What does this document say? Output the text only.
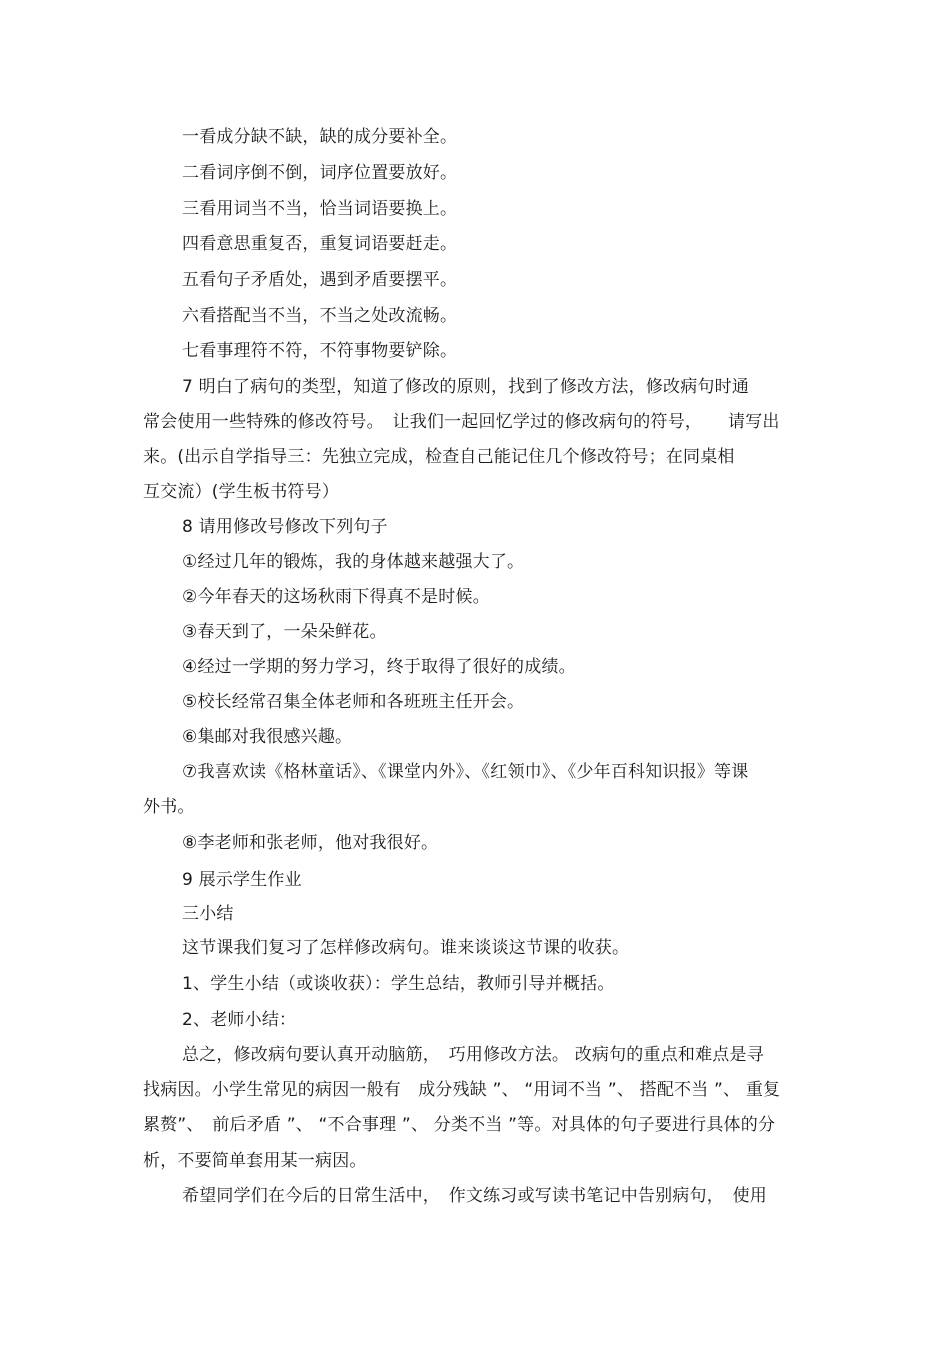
一看成分缺不缺，缺的成分要补全。
二看词序倒不倒，词序位置要放好。
三看用词当不当，恰当词语要换上。
四看意思重复否，重复词语要赶走。
五看句子矛盾处，遇到矛盾要摆平。
六看搭配当不当，不当之处改流畅。
七看事理符不符，不符事物要铲除。
7 明白了病句的类型，知道了修改的原则，找到了修改方法，修改病句时通
常会使用一些特殊的修改符号。　让我们一起回忆学过的修改病句的符号，　　请写出
来。(出示自学指导三：先独立完成，检查自己能记住几个修改符号；在同桌相
互交流）(学生板书符号）
8 请用修改号修改下列句子
①经过几年的锻炼，我的身体越来越强大了。
②今年春天的这场秋雨下得真不是时候。
③春天到了，一朵朵鲜花。
④经过一学期的努力学习，终于取得了很好的成绩。
⑤校长经常召集全体老师和各班班主任开会。
⑥集邮对我很感兴趣。
⑦我喜欢读《格林童话》、《课堂内外》、《红领巾》、《少年百科知识报》等课
外书。
⑧李老师和张老师，他对我很好。
9 展示学生作业
三小结
这节课我们复习了怎样修改病句。谁来谈谈这节课的收获。
1、学生小结（或谈收获）：学生总结，教师引导并概括。
2、老师小结：
总之，修改病句要认真开动脑筋，　巧用修改方法。 改病句的重点和难点是寻
找病因。小学生常见的病因一般有　成分残缺 ”、 “用词不当 ”、 搭配不当 ”、 重复
累赘”、　前后矛盾 ”、 “不合事理 ”、 分类不当 ”等。对具体的句子要进行具体的分
析，不要简单套用某一病因。
希望同学们在今后的日常生活中，　作文练习或写读书笔记中告别病句，　使用
